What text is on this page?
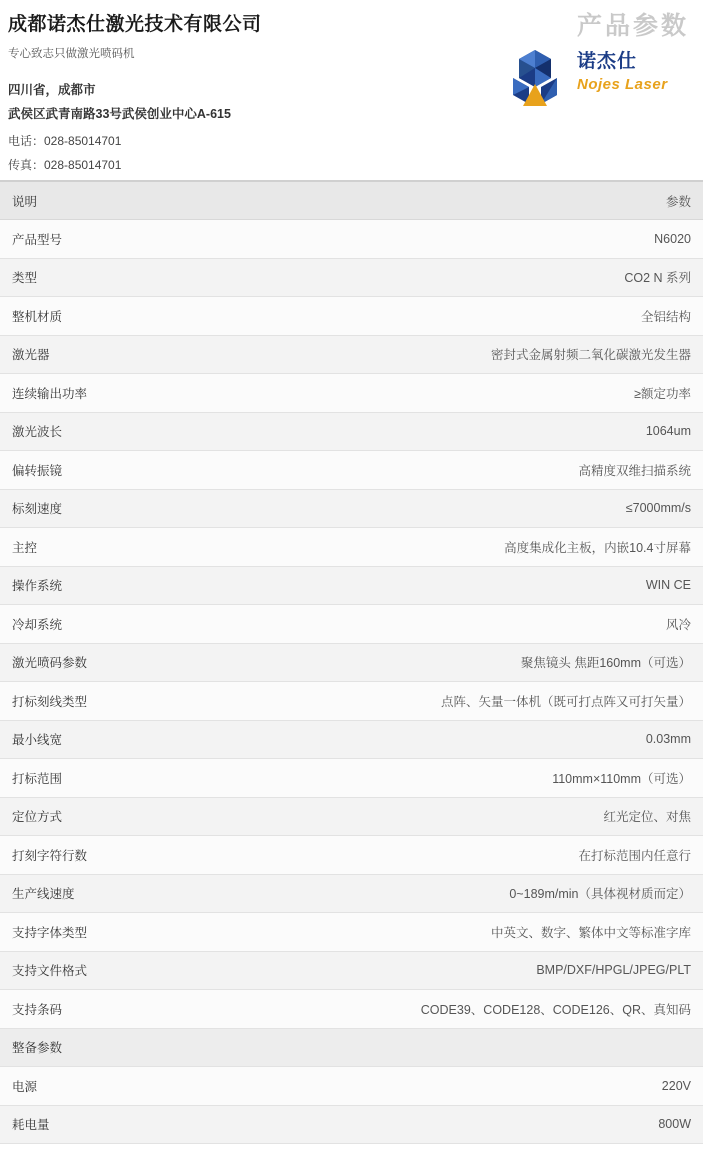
产品参数
诺杰仕
Nojes Laser
成都诺杰仕激光技术有限公司
专心致志只做激光喷码机
四川省，成都市
武侯区武青南路33号武侯创业中心A-615
电话：028-85014701
传真：028-85014701
说明	参数
产品型号	N6020
类型	CO2 N 系列
整机材质	全铝结构
激光器	密封式金属射频二氧化碳激光发生器
连续输出功率	≥额定功率
激光波长	1064um
偏转振镜	高精度双维扫描系统
标刻速度	≤7000mm/s
主控	高度集成化主板，内嵌10.4寸屏幕
操作系统	WIN CE
冷却系统	风冷
激光喷码参数	聚焦镜头 焦距160mm（可选）
打标刻线类型	点阵、矢量一体机（既可打点阵又可打矢量）
最小线宽	0.03mm
打标范围	110mm×110mm（可选）
定位方式	红光定位、对焦
打刻字符行数	在打标范围内任意行
生产线速度	0~189m/min（具体视材质而定）
支持字体类型	中英文、数字、繁体中文等标准字库
支持文件格式	BMP/DXF/HPGL/JPEG/PLT
支持条码	CODE39、CODE128、CODE126、QR、真知码
整备参数	
电源	220V
耗电量	800W
